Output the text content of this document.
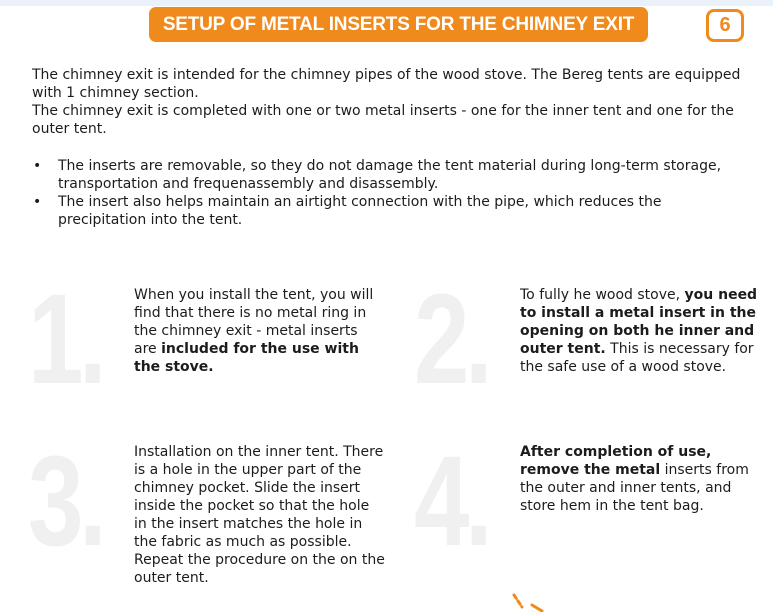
SETUP OF METAL INSERTS FOR THE CHIMNEY EXIT	6

The chimney exit is intended for the chimney pipes of the wood stove. The Bereg tents are equipped with 1 chimney section.

The chimney exit is completed with one or two metal inserts - one for the inner tent and one for the outer tent.

• The inserts are removable, so they do not damage the tent material during long-term storage, transportation and frequenassembly and disassembly.
• The insert also helps maintain an airtight connection with the pipe, which reduces the precipitation into the tent.
1. When you install the tent, you will find that there is no metal ring in the chimney exit - metal inserts are included for the use with the stove.	2. To fully he wood stove, you need to install a metal insert in the opening on both he inner and outer tent. This is necessary for the safe use of a wood stove.

3. Installation on the inner tent. There is a hole in the upper part of the chimney pocket. Slide the insert inside the pocket so that the hole in the insert matches the hole in the fabric as much as possible. Repeat the procedure on the on the outer tent.

4. After completion of use, remove the metal inserts from the outer and inner tents, and store hem in the tent bag.
